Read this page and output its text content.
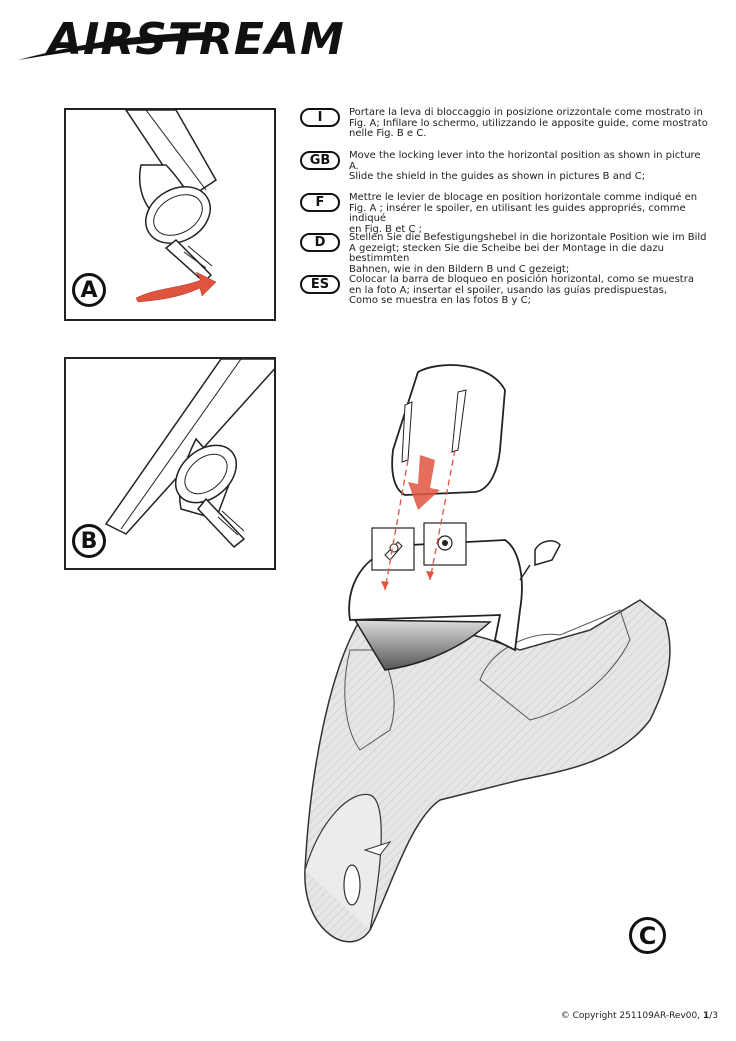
AIRSTREAM
A
B
I	Portare la leva di bloccaggio in posizione orizzontale come mostrato in
Fig. A; Infilare lo schermo, utilizzando le apposite guide, come mostrato
nelle Fig. B e C.
GB	Move the locking lever into the horizontal position as shown in picture A.
Slide the shield in the guides as shown in pictures B and C;
F	Mettre le levier de blocage en position horizontale comme indiqué en
Fig. A ; insérer le spoiler, en utilisant les guides appropriés, comme indiqué
en Fig. B et C ;
D	Stellen Sie die Befestigungshebel in die horizontale Position wie im Bild
A gezeigt; stecken Sie die Scheibe bei der Montage in die dazu bestimmten
Bahnen, wie in den Bildern B und C gezeigt;
ES	Colocar la barra de bloqueo en posición horizontal, como se muestra
en la foto A; insertar el spoiler, usando las guías predispuestas,
Como se muestra en las fotos B y C;
C
© Copyright 251109AR-Rev00, 1/3
